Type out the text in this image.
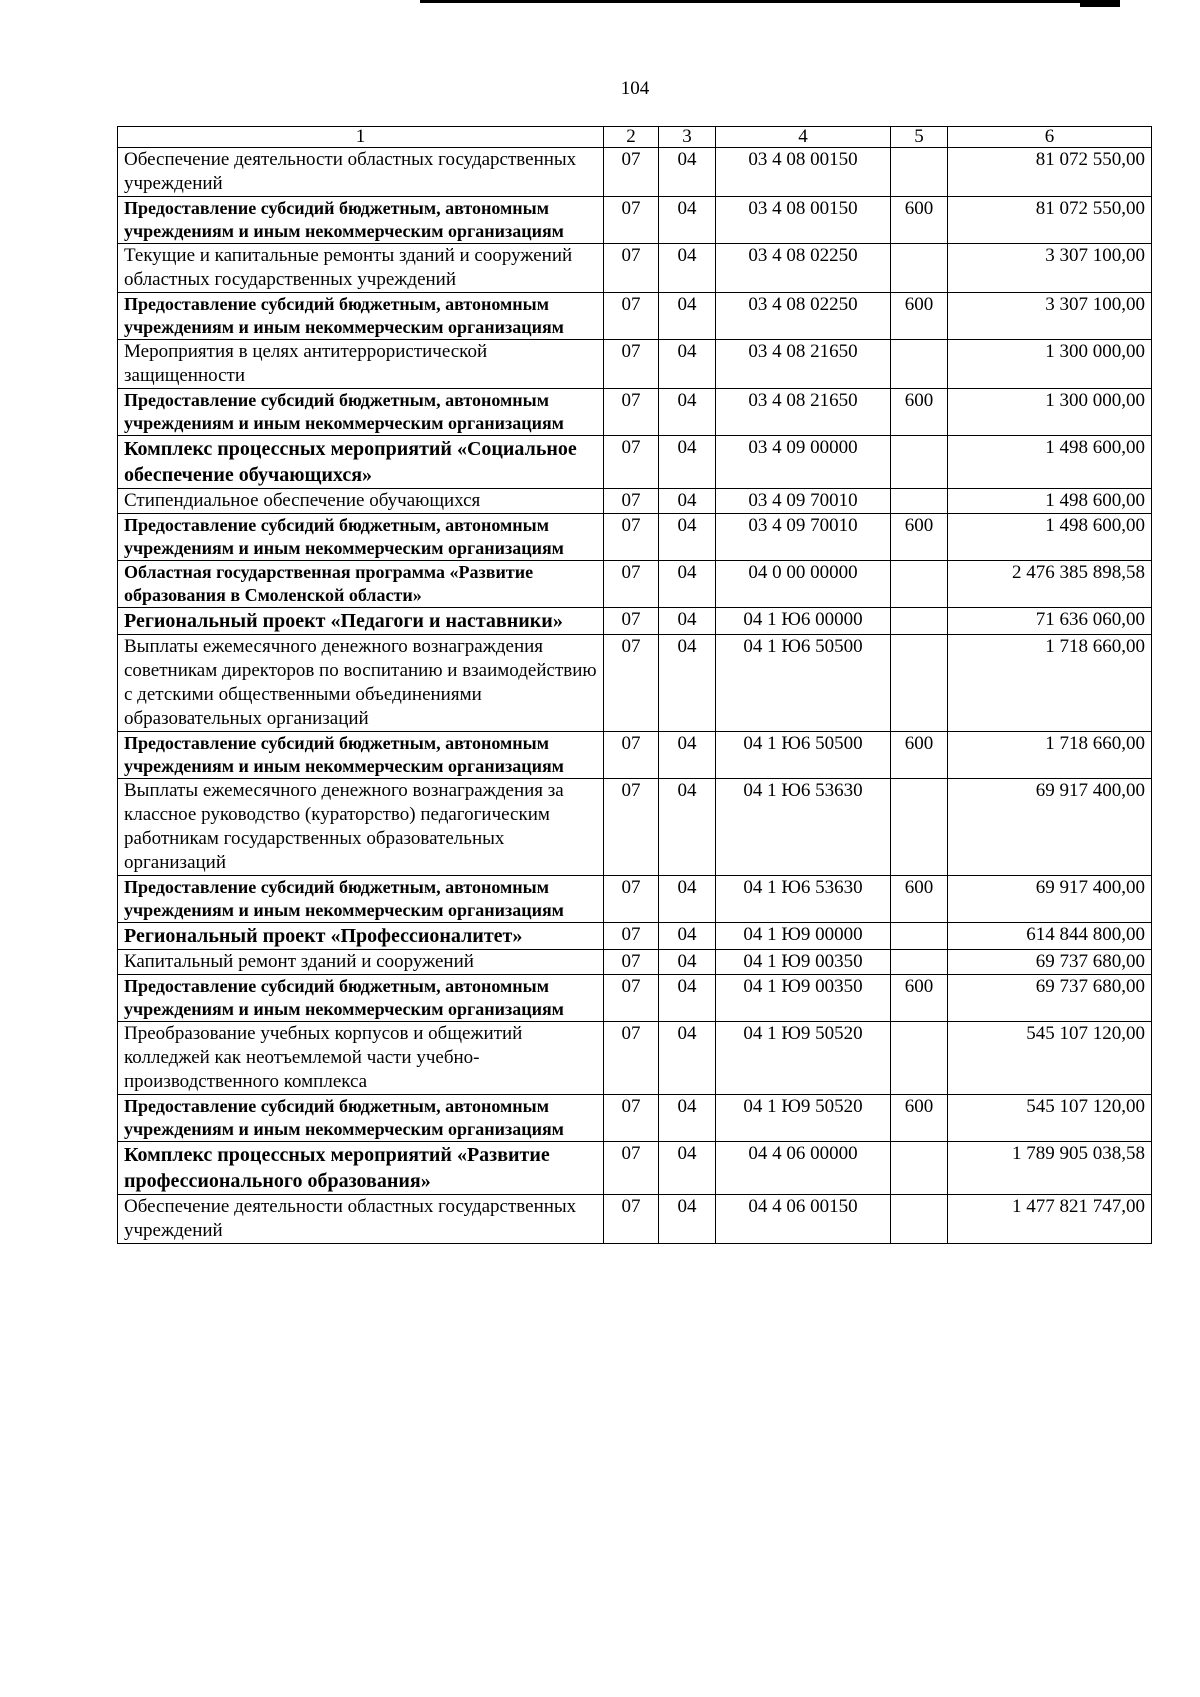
104
1	2	3	4	5	6
Обеспечение деятельности областных государственных учреждений	07	04	03 4 08 00150		81 072 550,00
Предоставление субсидий бюджетным, автономным учреждениям и иным некоммерческим организациям	07	04	03 4 08 00150	600	81 072 550,00
Текущие и капитальные ремонты зданий и сооружений областных государственных учреждений	07	04	03 4 08 02250		3 307 100,00
Предоставление субсидий бюджетным, автономным учреждениям и иным некоммерческим организациям	07	04	03 4 08 02250	600	3 307 100,00
Мероприятия в целях антитеррористической защищенности	07	04	03 4 08 21650		1 300 000,00
Предоставление субсидий бюджетным, автономным учреждениям и иным некоммерческим организациям	07	04	03 4 08 21650	600	1 300 000,00
Комплекс процессных мероприятий «Социальное обеспечение обучающихся»	07	04	03 4 09 00000		1 498 600,00
Стипендиальное обеспечение обучающихся	07	04	03 4 09 70010		1 498 600,00
Предоставление субсидий бюджетным, автономным учреждениям и иным некоммерческим организациям	07	04	03 4 09 70010	600	1 498 600,00
Областная государственная программа «Развитие образования в Смоленской области»	07	04	04 0 00 00000		2 476 385 898,58
Региональный проект «Педагоги и наставники»	07	04	04 1 Ю6 00000		71 636 060,00
Выплаты ежемесячного денежного вознаграждения советникам директоров по воспитанию и взаимодействию с детскими общественными объединениями образовательных организаций	07	04	04 1 Ю6 50500		1 718 660,00
Предоставление субсидий бюджетным, автономным учреждениям и иным некоммерческим организациям	07	04	04 1 Ю6 50500	600	1 718 660,00
Выплаты ежемесячного денежного вознаграждения за классное руководство (кураторство) педагогическим работникам государственных образовательных организаций	07	04	04 1 Ю6 53630		69 917 400,00
Предоставление субсидий бюджетным, автономным учреждениям и иным некоммерческим организациям	07	04	04 1 Ю6 53630	600	69 917 400,00
Региональный проект «Профессионалитет»	07	04	04 1 Ю9 00000		614 844 800,00
Капитальный ремонт зданий и сооружений	07	04	04 1 Ю9 00350		69 737 680,00
Предоставление субсидий бюджетным, автономным учреждениям и иным некоммерческим организациям	07	04	04 1 Ю9 00350	600	69 737 680,00
Преобразование учебных корпусов и общежитий колледжей как неотъемлемой части учебно-производственного комплекса	07	04	04 1 Ю9 50520		545 107 120,00
Предоставление субсидий бюджетным, автономным учреждениям и иным некоммерческим организациям	07	04	04 1 Ю9 50520	600	545 107 120,00
Комплекс процессных мероприятий «Развитие профессионального образования»	07	04	04 4 06 00000		1 789 905 038,58
Обеспечение деятельности областных государственных учреждений	07	04	04 4 06 00150		1 477 821 747,00
